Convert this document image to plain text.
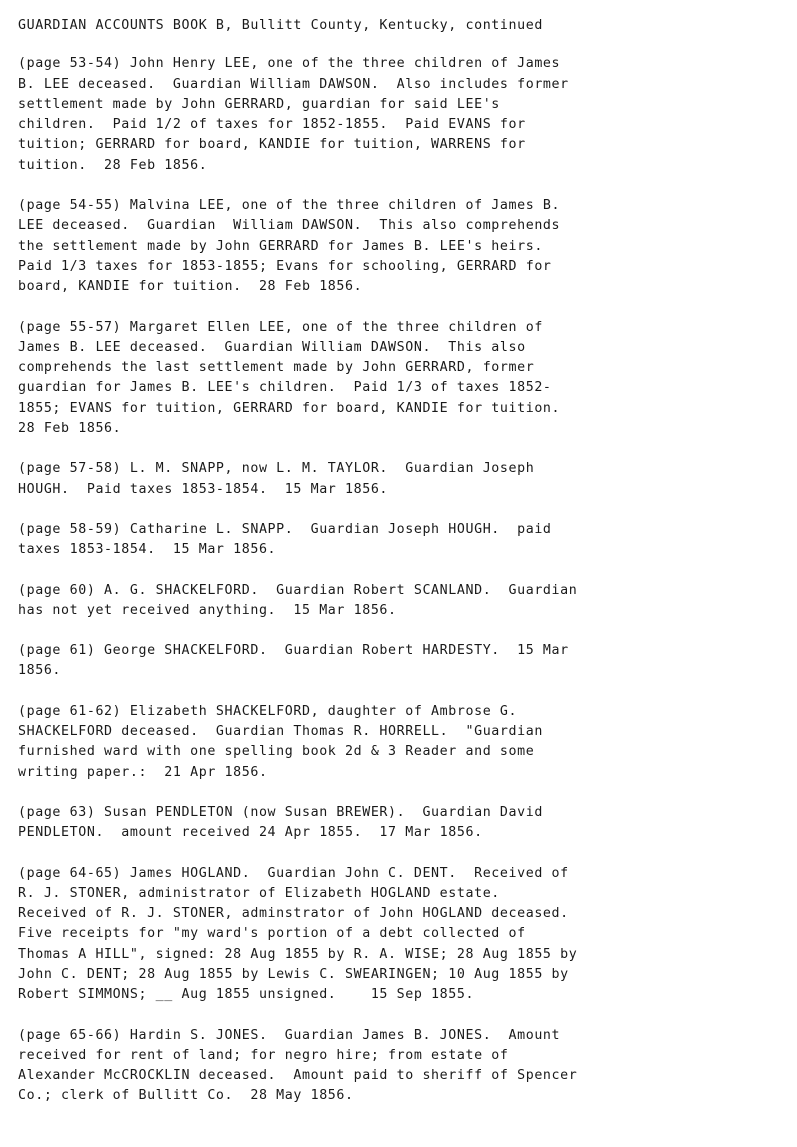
GUARDIAN ACCOUNTS BOOK B, Bullitt County, Kentucky, continued
(page 53-54) John Henry LEE, one of the three children of James
B. LEE deceased.  Guardian William DAWSON.  Also includes former
settlement made by John GERRARD, guardian for said LEE's
children.  Paid 1/2 of taxes for 1852-1855.  Paid EVANS for
tuition; GERRARD for board, KANDIE for tuition, WARRENS for
tuition.  28 Feb 1856.
(page 54-55) Malvina LEE, one of the three children of James B.
LEE deceased.  Guardian  William DAWSON.  This also comprehends
the settlement made by John GERRARD for James B. LEE's heirs.
Paid 1/3 taxes for 1853-1855; Evans for schooling, GERRARD for
board, KANDIE for tuition.  28 Feb 1856.
(page 55-57) Margaret Ellen LEE, one of the three children of
James B. LEE deceased.  Guardian William DAWSON.  This also
comprehends the last settlement made by John GERRARD, former
guardian for James B. LEE's children.  Paid 1/3 of taxes 1852-
1855; EVANS for tuition, GERRARD for board, KANDIE for tuition.
28 Feb 1856.
(page 57-58) L. M. SNAPP, now L. M. TAYLOR.  Guardian Joseph
HOUGH.  Paid taxes 1853-1854.  15 Mar 1856.
(page 58-59) Catharine L. SNAPP.  Guardian Joseph HOUGH.  paid
taxes 1853-1854.  15 Mar 1856.
(page 60) A. G. SHACKELFORD.  Guardian Robert SCANLAND.  Guardian
has not yet received anything.  15 Mar 1856.
(page 61) George SHACKELFORD.  Guardian Robert HARDESTY.  15 Mar
1856.
(page 61-62) Elizabeth SHACKELFORD, daughter of Ambrose G.
SHACKELFORD deceased.  Guardian Thomas R. HORRELL.  "Guardian
furnished ward with one spelling book 2d & 3 Reader and some
writing paper.:  21 Apr 1856.
(page 63) Susan PENDLETON (now Susan BREWER).  Guardian David
PENDLETON.  amount received 24 Apr 1855.  17 Mar 1856.
(page 64-65) James HOGLAND.  Guardian John C. DENT.  Received of
R. J. STONER, administrator of Elizabeth HOGLAND estate.
Received of R. J. STONER, adminstrator of John HOGLAND deceased.
Five receipts for "my ward's portion of a debt collected of
Thomas A HILL", signed: 28 Aug 1855 by R. A. WISE; 28 Aug 1855 by
John C. DENT; 28 Aug 1855 by Lewis C. SWEARINGEN; 10 Aug 1855 by
Robert SIMMONS; __ Aug 1855 unsigned.    15 Sep 1855.
(page 65-66) Hardin S. JONES.  Guardian James B. JONES.  Amount
received for rent of land; for negro hire; from estate of
Alexander McCROCKLIN deceased.  Amount paid to sheriff of Spencer
Co.; clerk of Bullitt Co.  28 May 1856.
